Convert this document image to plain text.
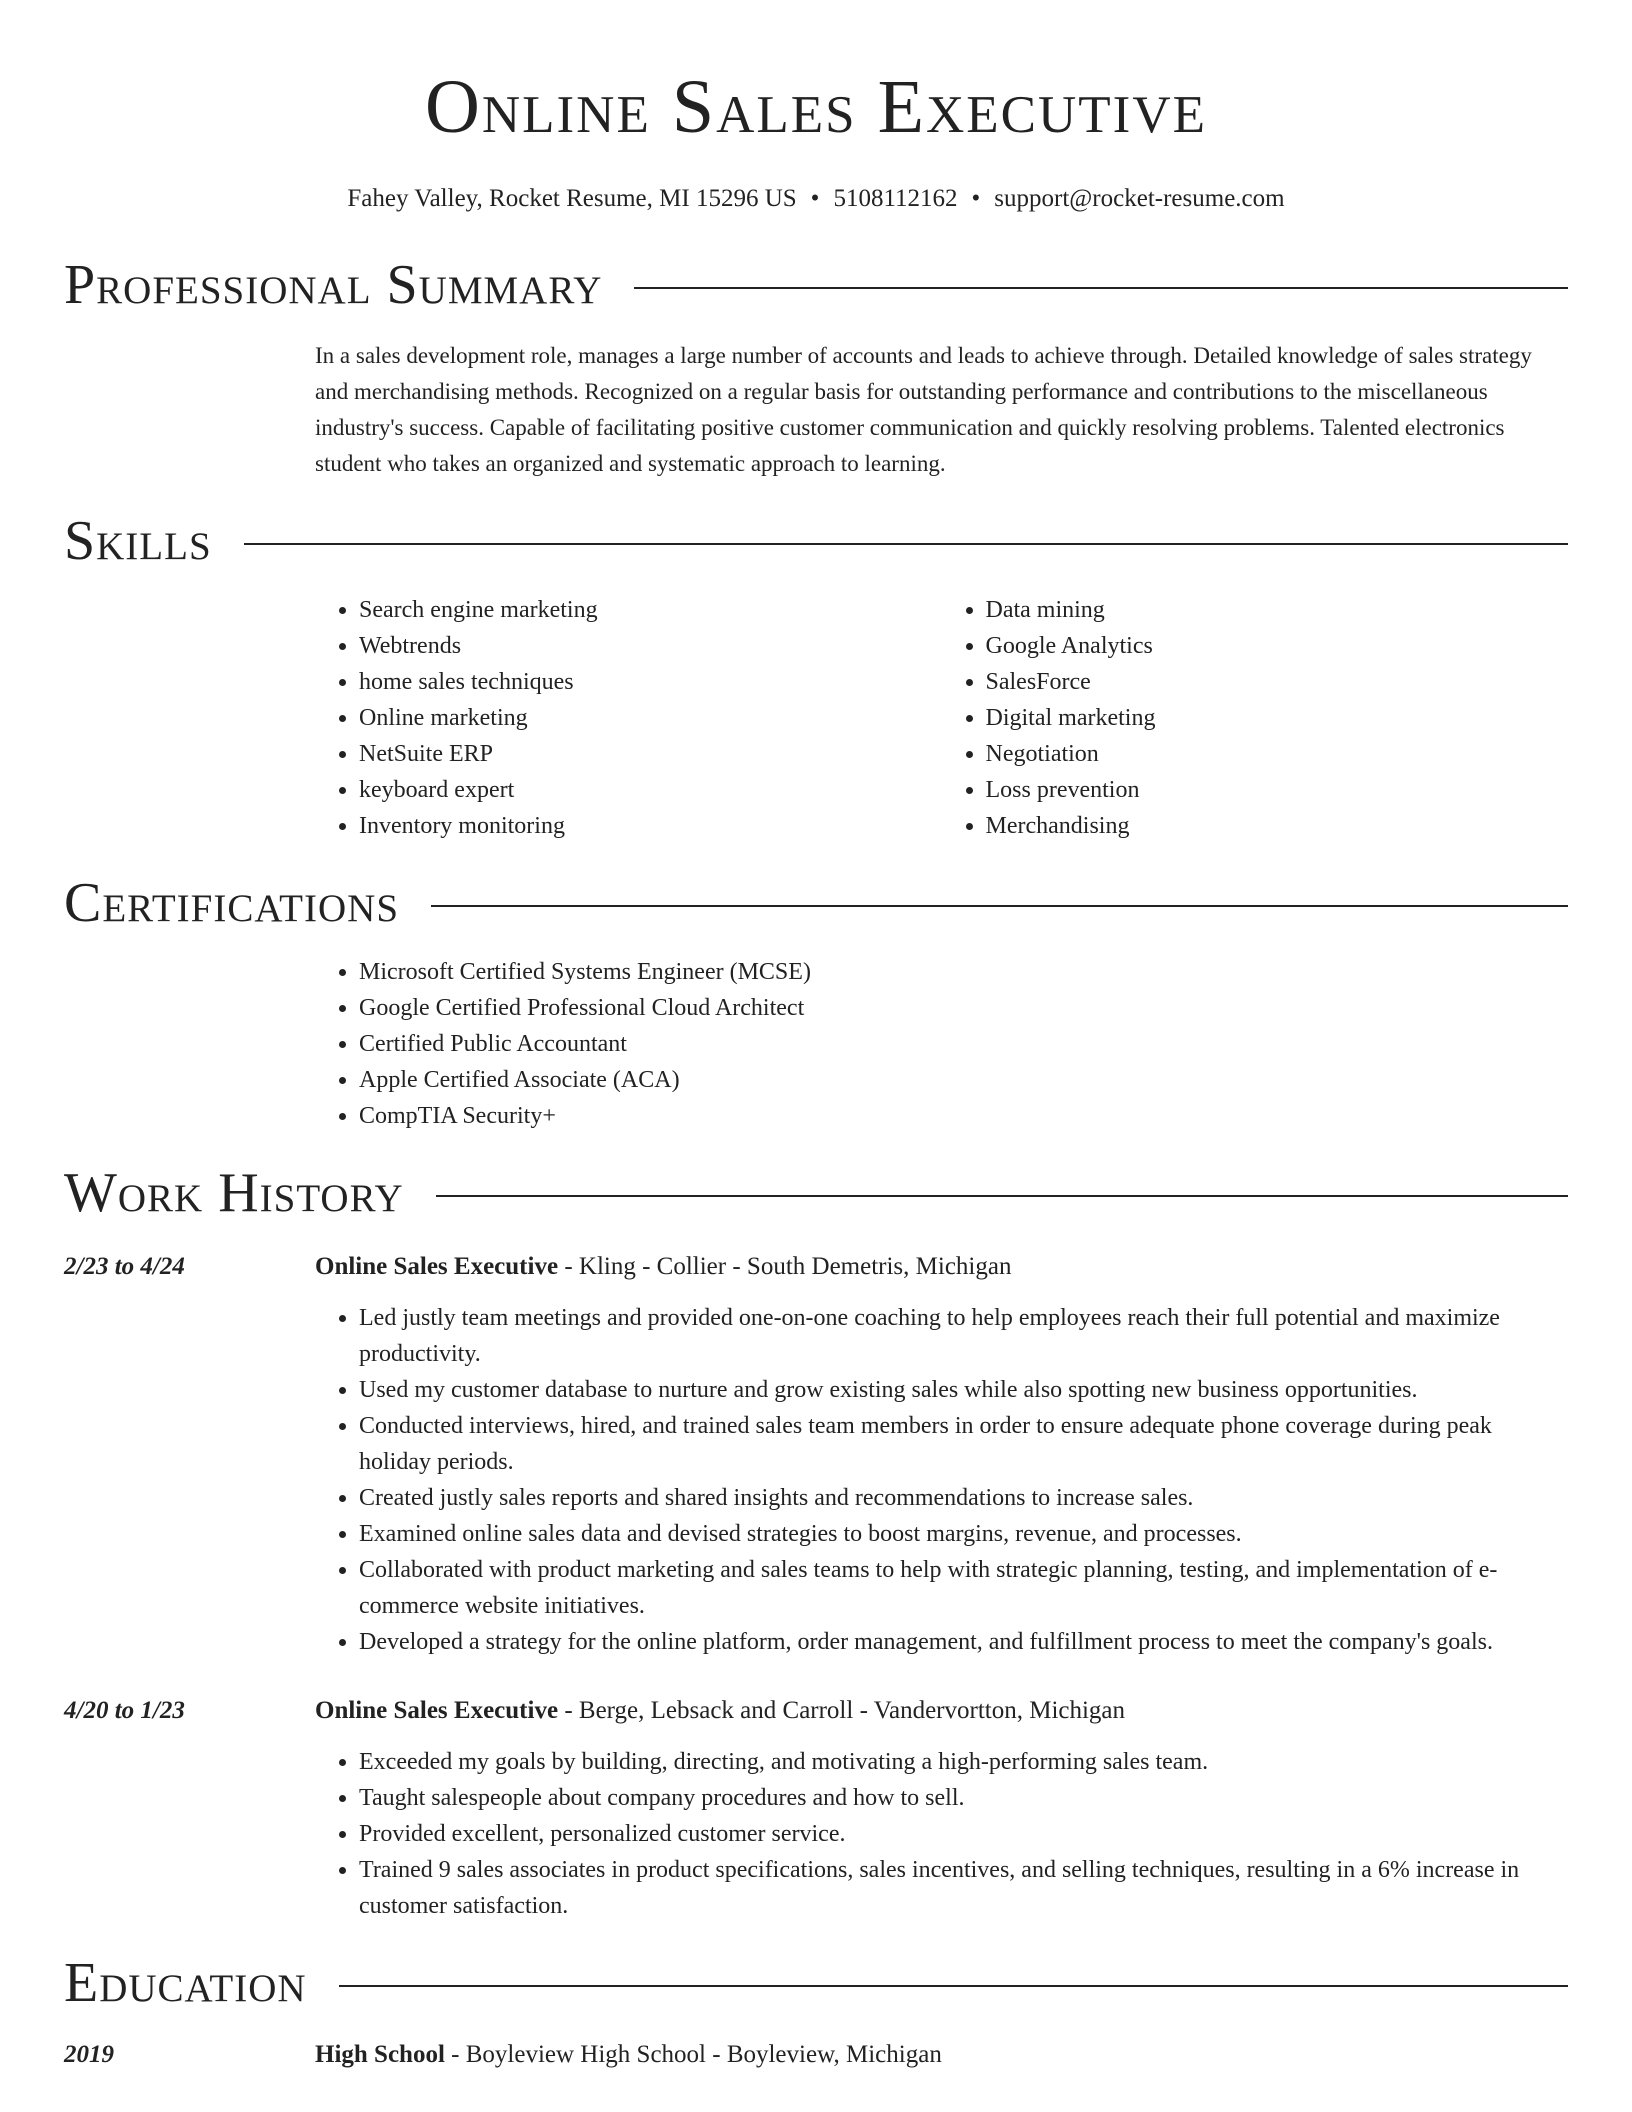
Online Sales Executive
Fahey Valley, Rocket Resume, MI 15296 US • 5108112162 • support@rocket-resume.com
Professional Summary

In a sales development role, manages a large number of accounts and leads to achieve through. Detailed knowledge of sales strategy and merchandising methods. Recognized on a regular basis for outstanding performance and contributions to the miscellaneous industry's success. Capable of facilitating positive customer communication and quickly resolving problems. Talented electronics student who takes an organized and systematic approach to learning.

Skills
• Search engine marketing
• Webtrends
• home sales techniques
• Online marketing
• NetSuite ERP
• keyboard expert
• Inventory monitoring
• Data mining
• Google Analytics
• SalesForce
• Digital marketing
• Negotiation
• Loss prevention
• Merchandising
Certifications
• Microsoft Certified Systems Engineer (MCSE)
• Google Certified Professional Cloud Architect
• Certified Public Accountant
• Apple Certified Associate (ACA)
• CompTIA Security+
Work History
2/23 to 4/24	Online Sales Executive - Kling - Collier - South Demetris, Michigan
• Led justly team meetings and provided one-on-one coaching to help employees reach their full potential and maximize productivity.
• Used my customer database to nurture and grow existing sales while also spotting new business opportunities.
• Conducted interviews, hired, and trained sales team members in order to ensure adequate phone coverage during peak holiday periods.
• Created justly sales reports and shared insights and recommendations to increase sales.
• Examined online sales data and devised strategies to boost margins, revenue, and processes.
• Collaborated with product marketing and sales teams to help with strategic planning, testing, and implementation of e-commerce website initiatives.
• Developed a strategy for the online platform, order management, and fulfillment process to meet the company's goals.
4/20 to 1/23	Online Sales Executive - Berge, Lebsack and Carroll - Vandervortton, Michigan
• Exceeded my goals by building, directing, and motivating a high-performing sales team.
• Taught salespeople about company procedures and how to sell.
• Provided excellent, personalized customer service.
• Trained 9 sales associates in product specifications, sales incentives, and selling techniques, resulting in a 6% increase in customer satisfaction.
Education
2019	High School - Boyleview High School - Boyleview, Michigan
